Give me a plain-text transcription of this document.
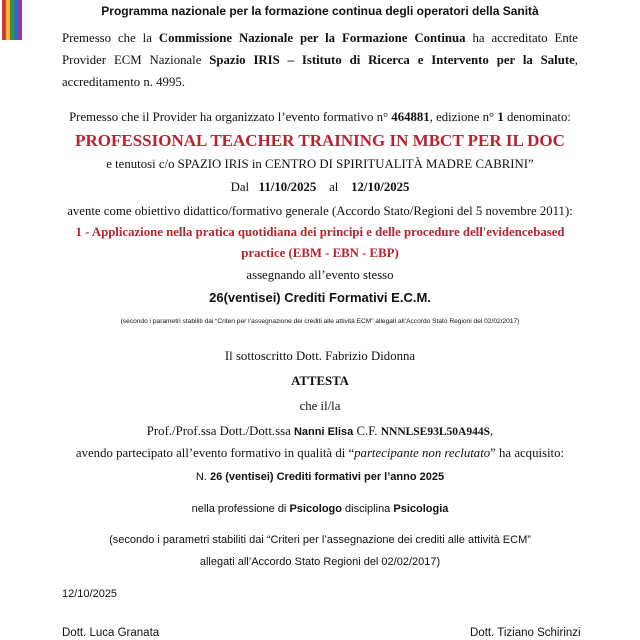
Programma nazionale per la formazione continua degli operatori della Sanità
Premesso che la Commissione Nazionale per la Formazione Continua ha accreditato Ente
Provider ECM Nazionale Spazio IRIS – Istituto di Ricerca e Intervento per la Salute,
accreditamento n. 4995.
Premesso che il Provider ha organizzato l’evento formativo n° 464881, edizione n° 1 denominato:
PROFESSIONAL TEACHER TRAINING IN MBCT PER IL DOC
e tenutosi c/o SPAZIO IRIS in CENTRO DI SPIRITUALITÀ MADRE CABRINI”
Dal 11/10/2025 al 12/10/2025
avente come obiettivo didattico/formativo generale (Accordo Stato/Regioni del 5 novembre 2011):
1 - Applicazione nella pratica quotidiana dei principi e delle procedure dell'evidencebased
practice (EBM - EBN - EBP)
assegnando all’evento stesso
26(ventisei) Crediti Formativi E.C.M.
(secondo i parametri stabiliti dai “Criteri per l’assegnazione dei crediti alle attività ECM” allegati all’Accordo Stato Regioni del 02/02/2017)
Il sottoscritto Dott. Fabrizio Didonna
ATTESTA
che il/la
Prof./Prof.ssa Dott./Dott.ssa Nanni Elisa C.F. NNNLSE93L50A944S,
avendo partecipato all’evento formativo in qualità di “partecipante non reclutato” ha acquisito:
N. 26 (ventisei) Crediti formativi per l’anno 2025
nella professione di Psicologo disciplina Psicologia
(secondo i parametri stabiliti dai “Criteri per l’assegnazione dei crediti alle attività ECM”
allegati all’Accordo Stato Regioni del 02/02/2017)
12/10/2025
Dott. Luca Granata	Dott. Tiziano Schirinzi
